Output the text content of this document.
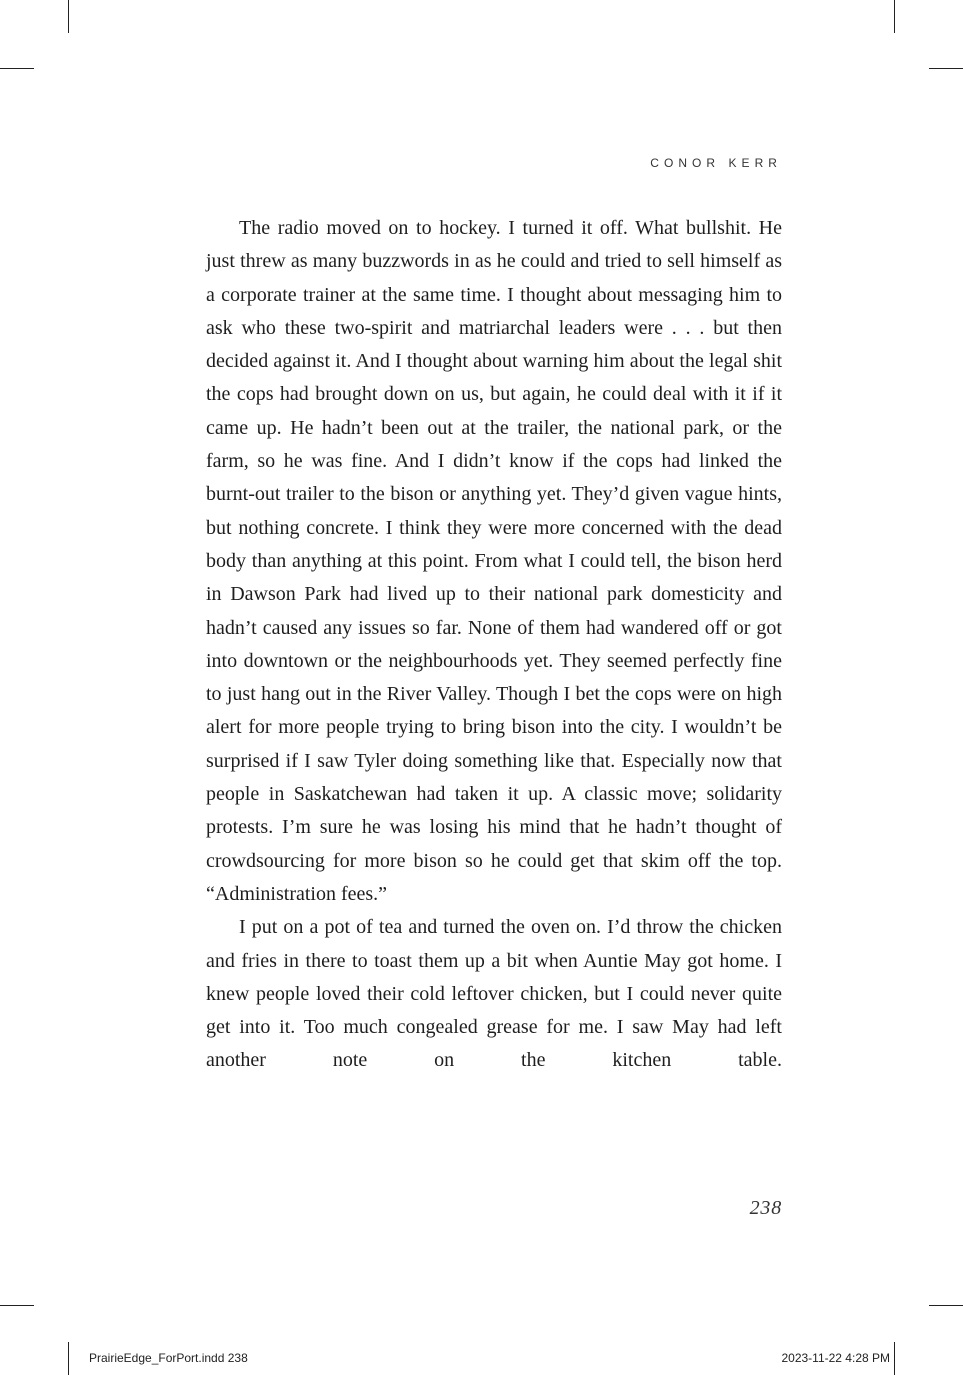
CONOR KERR

The radio moved on to hockey. I turned it off. What bullshit. He just threw as many buzzwords in as he could and tried to sell himself as a corporate trainer at the same time. I thought about messaging him to ask who these two-spirit and matriarchal leaders were . . . but then decided against it. And I thought about warning him about the legal shit the cops had brought down on us, but again, he could deal with it if it came up. He hadn’t been out at the trailer, the national park, or the farm, so he was fine. And I didn’t know if the cops had linked the burnt-out trailer to the bison or anything yet. They’d given vague hints, but nothing concrete. I think they were more concerned with the dead body than anything at this point. From what I could tell, the bison herd in Dawson Park had lived up to their national park domesticity and hadn’t caused any issues so far. None of them had wandered off or got into downtown or the neighbourhoods yet. They seemed perfectly fine to just hang out in the River Valley. Though I bet the cops were on high alert for more people trying to bring bison into the city. I wouldn’t be surprised if I saw Tyler doing something like that. Especially now that people in Saskatchewan had taken it up. A classic move; solidarity protests. I’m sure he was losing his mind that he hadn’t thought of crowdsourcing for more bison so he could get that skim off the top. “Administration fees.”

I put on a pot of tea and turned the oven on. I’d throw the chicken and fries in there to toast them up a bit when Auntie May got home. I knew people loved their cold leftover chicken, but I could never quite get into it. Too much congealed grease for me. I saw May had left another note on the kitchen table.

238
PrairieEdge_ForPort.indd 238	2023-11-22 4:28 PM
